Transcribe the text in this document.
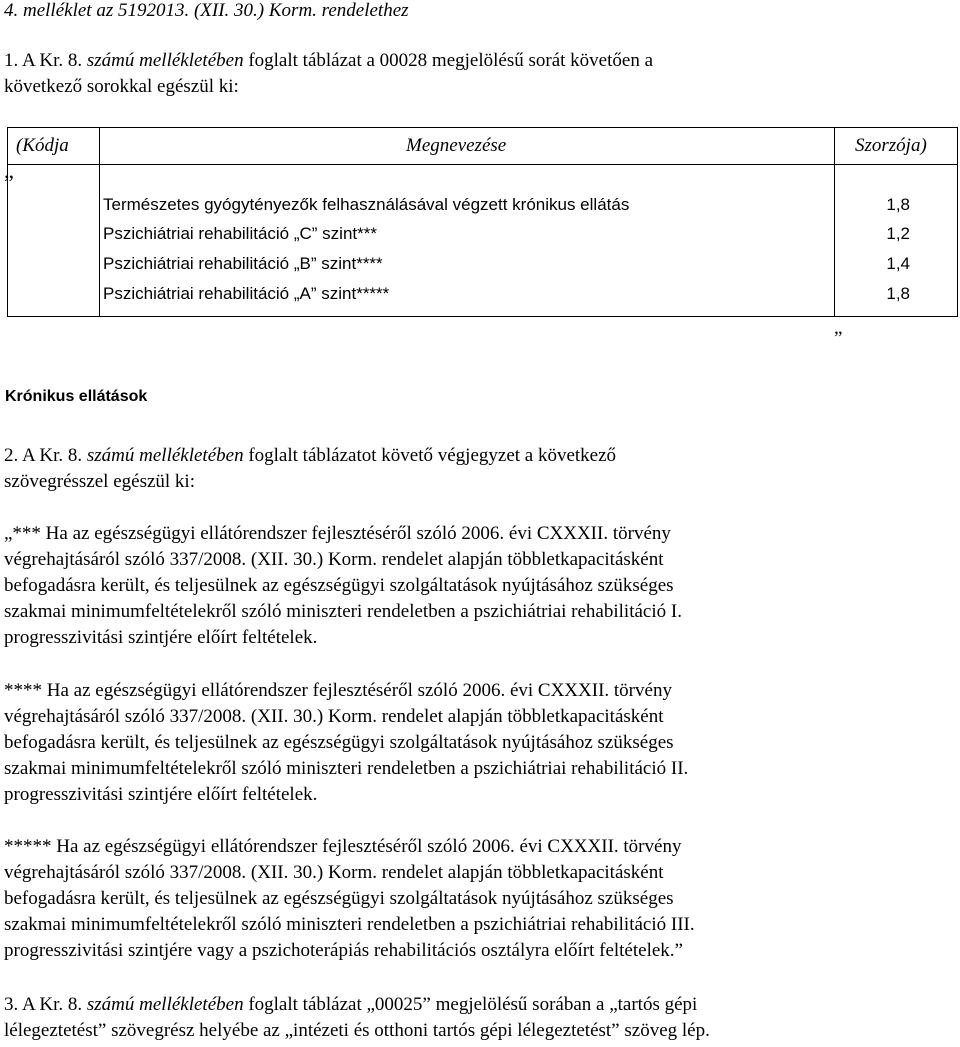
4. melléklet az 5192013. (XII. 30.) Korm. rendelethez
1. A Kr. 8. számú mellékletében foglalt táblázat a 00028 megjelölésű sorát követően a
következő sorokkal egészül ki:
(Kódja	Megnevezése	Szorzója)
„
Természetes gyógytényezők felhasználásával végzett krónikus ellátás	1,8
Pszichiátriai rehabilitáció „C” szint***	1,2
Pszichiátriai rehabilitáció „B” szint****	1,4
Pszichiátriai rehabilitáció „A” szint*****	1,8
”
Krónikus ellátások
2. A Kr. 8. számú mellékletében foglalt táblázatot követő végjegyzet a következő
szövegrésszel egészül ki:
„*** Ha az egészségügyi ellátórendszer fejlesztéséről szóló 2006. évi CXXXII. törvény
végrehajtásáról szóló 337/2008. (XII. 30.) Korm. rendelet alapján többletkapacitásként
befogadásra került, és teljesülnek az egészségügyi szolgáltatások nyújtásához szükséges
szakmai minimumfeltételekről szóló miniszteri rendeletben a pszichiátriai rehabilitáció I.
progresszivitási szintjére előírt feltételek.
**** Ha az egészségügyi ellátórendszer fejlesztéséről szóló 2006. évi CXXXII. törvény
végrehajtásáról szóló 337/2008. (XII. 30.) Korm. rendelet alapján többletkapacitásként
befogadásra került, és teljesülnek az egészségügyi szolgáltatások nyújtásához szükséges
szakmai minimumfeltételekről szóló miniszteri rendeletben a pszichiátriai rehabilitáció II.
progresszivitási szintjére előírt feltételek.
***** Ha az egészségügyi ellátórendszer fejlesztéséről szóló 2006. évi CXXXII. törvény
végrehajtásáról szóló 337/2008. (XII. 30.) Korm. rendelet alapján többletkapacitásként
befogadásra került, és teljesülnek az egészségügyi szolgáltatások nyújtásához szükséges
szakmai minimumfeltételekről szóló miniszteri rendeletben a pszichiátriai rehabilitáció III.
progresszivitási szintjére vagy a pszichoterápiás rehabilitációs osztályra előírt feltételek.”
3. A Kr. 8. számú mellékletében foglalt táblázat „00025” megjelölésű sorában a „tartós gépi
lélegeztetést” szövegrész helyébe az „intézeti és otthoni tartós gépi lélegeztetést” szöveg lép.
